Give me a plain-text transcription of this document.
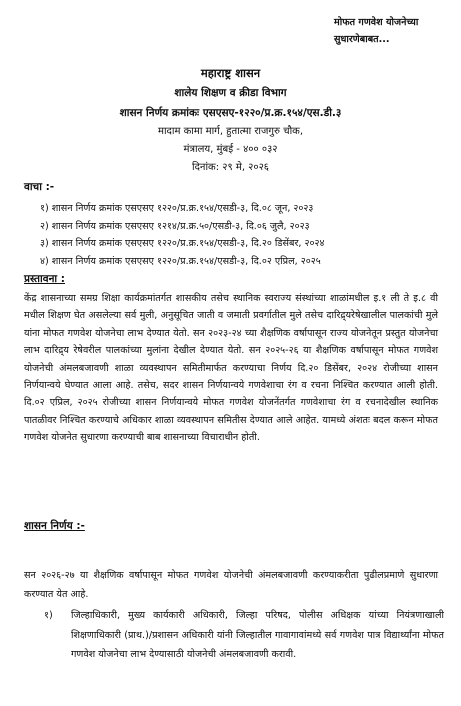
मोफत गणवेश योजनेच्या
सुधारणेबाबत...
महाराष्ट्र शासन
शालेय शिक्षण व क्रीडा विभाग
शासन निर्णय क्रमांकः एसएसए-१२२०/प्र.क्र.१५४/एस.डी.३
मादाम कामा मार्ग, हुतात्मा राजगुरु चौक,
मंत्रालय, मुंबई - ४०० ०३२
दिनांक: २९ मे, २०२६
वाचा :-
१) शासन निर्णय क्रमांक एसएसए १२२०/प्र.क्र.१५४/एसडी-३, दि.०८ जून, २०२३
२) शासन निर्णय क्रमांक एसएसए १२१४/प्र.क्र.५०/एसडी-३, दि.०६ जुलै, २०२३
३) शासन निर्णय क्रमांक एसएसए १२२०/प्र.क्र.१५४/एसडी-३, दि.२० डिसेंबर, २०२४
४) शासन निर्णय क्रमांक एसएसए १२२०/प्र.क्र.१५४/एसडी-३, दि.०२ एप्रिल, २०२५
प्रस्तावना :

केंद्र शासनाच्या समग्र शिक्षा कार्यक्रमांतर्गत शासकीय तसेच स्थानिक स्वराज्य संस्थांच्या शाळांमधील इ.१ ली ते इ.८ वी मधील शिक्षण घेत असलेल्या सर्व मुली, अनुसूचित जाती व जमाती प्रवर्गातील मुले तसेच दारिद्र्यरेषेखालील पालकांची मुले यांना मोफत गणवेश योजनेचा लाभ देण्यात येतो. सन २०२३-२४ च्या शैक्षणिक वर्षापासून राज्य योजनेतून प्रस्तुत योजनेचा लाभ दारिद्र्य रेषेवरील पालकांच्या मुलांना देखील देण्यात येतो. सन २०२५-२६ या शैक्षणिक वर्षापासून मोफत गणवेश योजनेची अंमलबजावणी शाळा व्यवस्थापन समितीमार्फत करण्याचा निर्णय दि.२० डिसेंबर, २०२४ रोजीच्या शासन निर्णयान्वये घेण्यात आला आहे. तसेच, सदर शासन निर्णयान्वये गणवेशाचा रंग व रचना निश्चित करण्यात आली होती. दि.०२ एप्रिल, २०२५ रोजीच्या शासन निर्णयान्वये मोफत गणवेश योजनेंतर्गत गणवेशाचा रंग व रचनादेखील स्थानिक पातळीवर निश्चित करण्याचे अधिकार शाळा व्यवस्थापन समितीस देण्यात आले आहेत. यामध्ये अंशतः बदल करून मोफत गणवेश योजनेत सुधारणा करण्याची बाब शासनाच्या विचाराधीन होती.

शासन निर्णय :-

सन २०२६-२७ या शैक्षणिक वर्षापासून मोफत गणवेश योजनेची अंमलबजावणी करण्याकरीता पुढीलप्रमाणे सुधारणा करण्यात येत आहे.

१) जिल्हाधिकारी, मुख्य कार्यकारी अधिकारी, जिल्हा परिषद, पोलीस अधिक्षक यांच्या नियंत्रणाखाली शिक्षणाधिकारी (प्राथ.)/प्रशासन अधिकारी यांनी जिल्हातील गावागावांमध्ये सर्व गणवेश पात्र विद्यार्थ्यांना मोफत गणवेश योजनेचा लाभ देण्यासाठी योजनेची अंमलबजावणी करावी.
